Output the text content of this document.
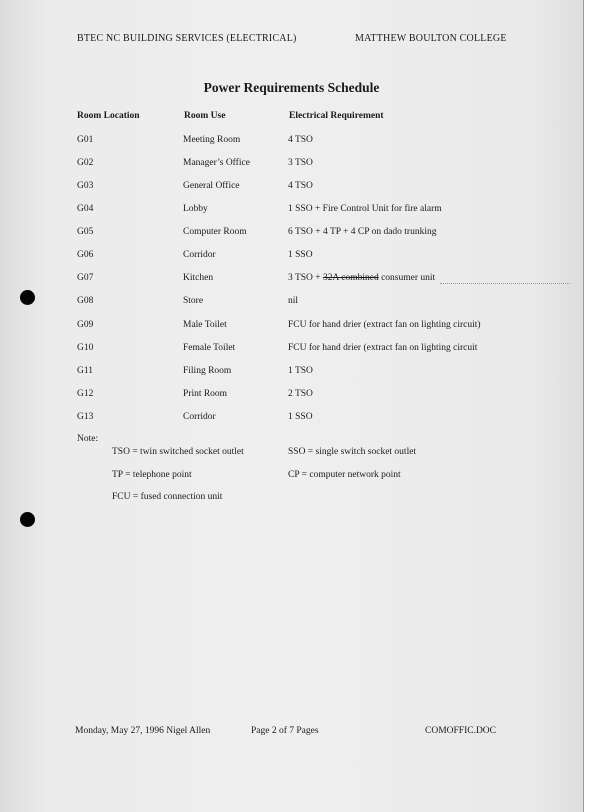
BTEC NC BUILDING SERVICES (ELECTRICAL)	MATTHEW BOULTON COLLEGE
Power Requirements Schedule
Room Location	Room Use	Electrical Requirement
G01	Meeting Room	4 TSO
G02	Manager’s Office	3 TSO
G03	General Office	4 TSO
G04	Lobby	1 SSO + Fire Control Unit for fire alarm
G05	Computer Room	6 TSO + 4 TP + 4 CP on dado trunking
G06	Corridor	1 SSO
G07	Kitchen	3 TSO + 32A combined consumer unit
G08	Store	nil
G09	Male Toilet	FCU for hand drier (extract fan on lighting circuit)
G10	Female Toilet	FCU for hand drier (extract fan on lighting circuit
G11	Filing Room	1 TSO
G12	Print Room	2 TSO
G13	Corridor	1 SSO
Note:
TSO = twin switched socket outlet	SSO = single switch socket outlet
TP = telephone point	CP = computer network point
FCU = fused connection unit
Monday, May 27, 1996 Nigel Allen	Page 2 of 7 Pages	COMOFFIC.DOC
